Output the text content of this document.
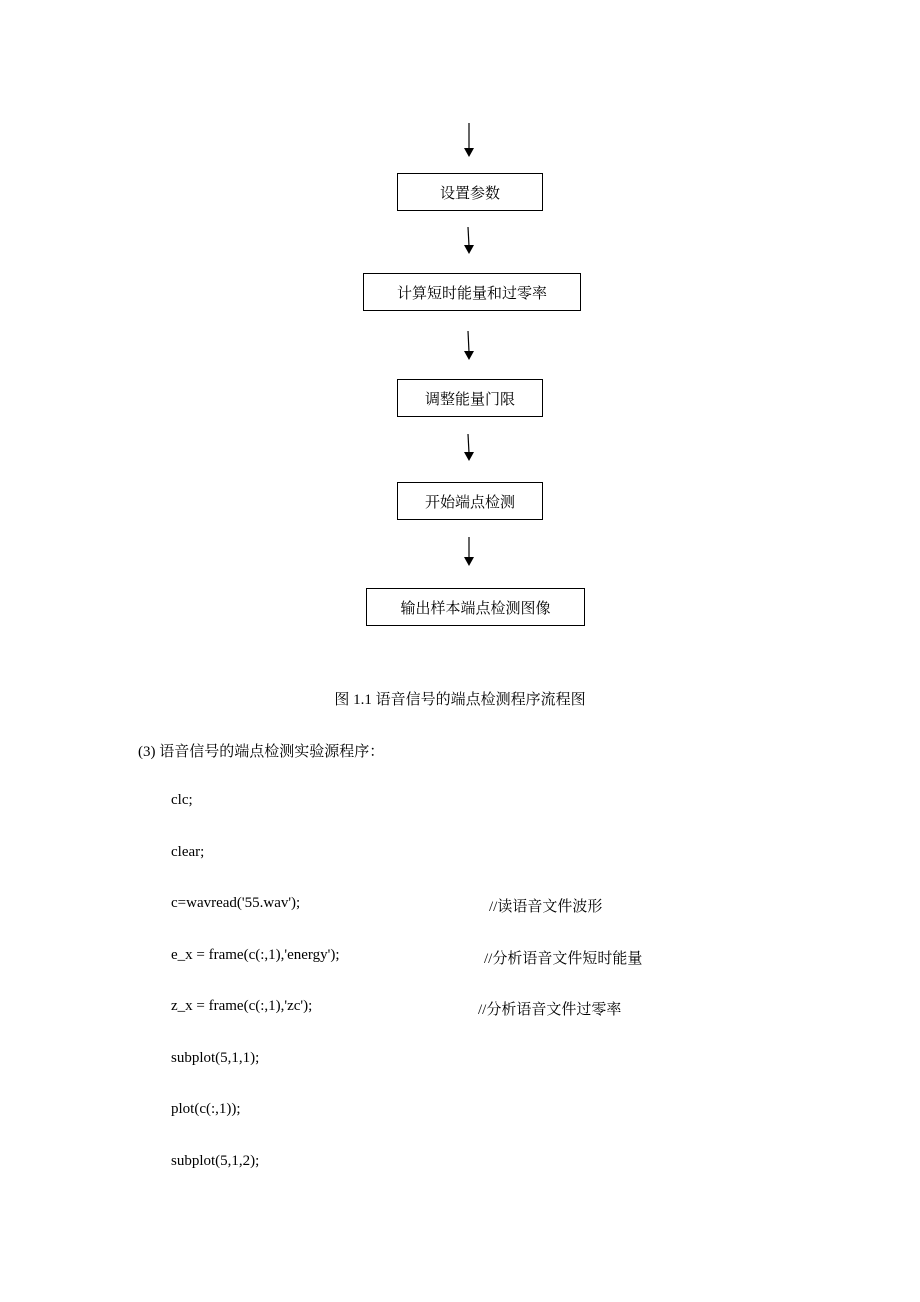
设置参数
计算短时能量和过零率
调整能量门限
开始端点检测
输出样本端点检测图像
图 1.1 语音信号的端点检测程序流程图
(3) 语音信号的端点检测实验源程序：
clc;
clear;
c=wavread('55.wav');	//读语音文件波形
e_x = frame(c(:,1),'energy');	//分析语音文件短时能量
z_x = frame(c(:,1),'zc');	//分析语音文件过零率
subplot(5,1,1);
plot(c(:,1));
subplot(5,1,2);
